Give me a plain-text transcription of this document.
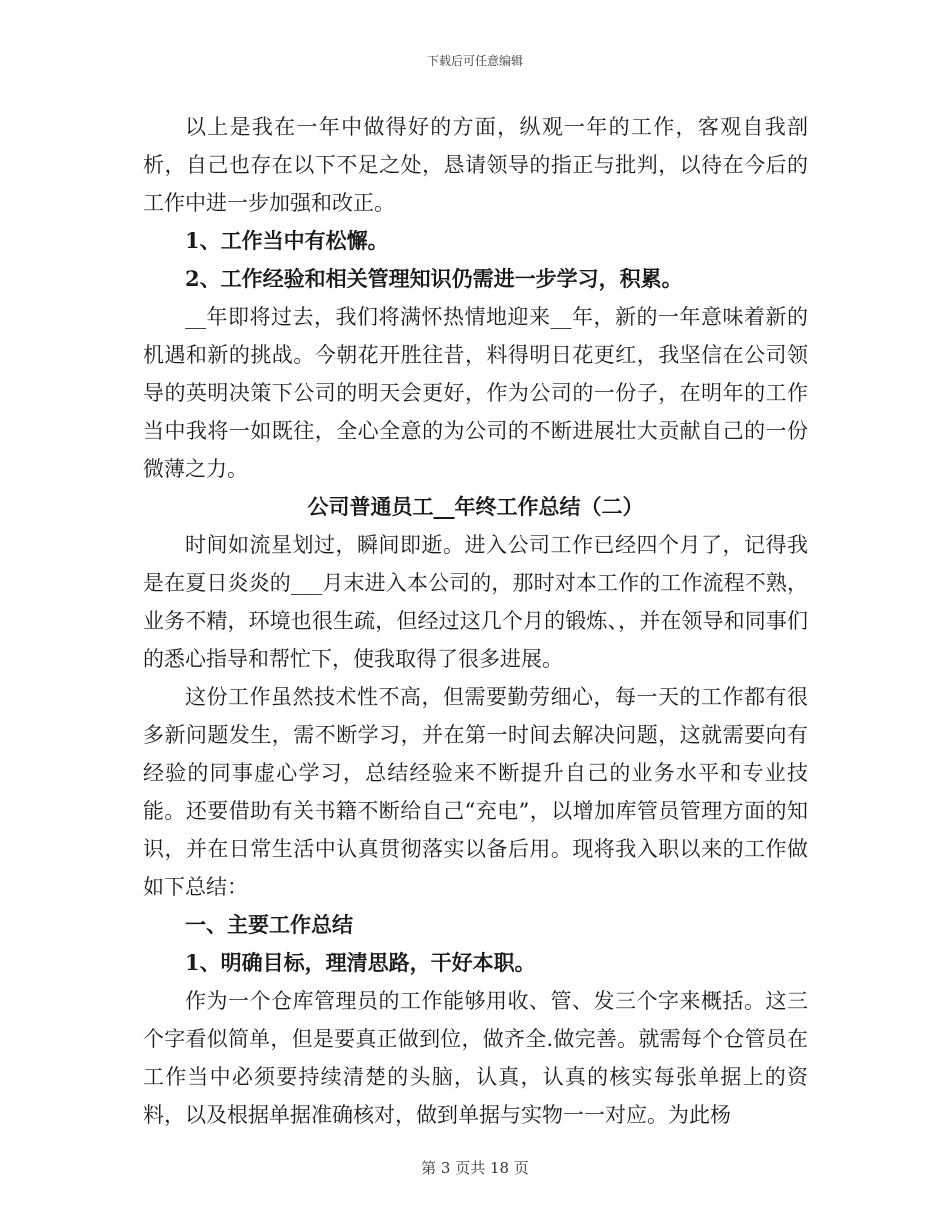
下载后可任意编辑

以上是我在一年中做得好的方面，纵观一年的工作，客观自我剖析，自己也存在以下不足之处，恳请领导的指正与批判，以待在今后的工作中进一步加强和改正。

1、工作当中有松懈。

2、工作经验和相关管理知识仍需进一步学习，积累。

__年即将过去，我们将满怀热情地迎来__年，新的一年意味着新的机遇和新的挑战。今朝花开胜往昔，料得明日花更红，我坚信在公司领导的英明决策下公司的明天会更好，作为公司的一份子，在明年的工作当中我将一如既往，全心全意的为公司的不断进展壮大贡献自己的一份微薄之力。

公司普通员工__年终工作总结（二）

时间如流星划过，瞬间即逝。进入公司工作已经四个月了，记得我是在夏日炎炎的___月末进入本公司的，那时对本工作的工作流程不熟，业务不精，环境也很生疏，但经过这几个月的锻炼、，并在领导和同事们的悉心指导和帮忙下，使我取得了很多进展。

这份工作虽然技术性不高，但需要勤劳细心，每一天的工作都有很多新问题发生，需不断学习，并在第一时间去解决问题，这就需要向有经验的同事虚心学习，总结经验来不断提升自己的业务水平和专业技能。还要借助有关书籍不断给自己“充电”，以增加库管员管理方面的知识，并在日常生活中认真贯彻落实以备后用。现将我入职以来的工作做如下总结：

一、主要工作总结

1、明确目标，理清思路，干好本职。

作为一个仓库管理员的工作能够用收、管、发三个字来概括。这三个字看似简单，但是要真正做到位，做齐全.做完善。就需每个仓管员在工作当中必须要持续清楚的头脑，认真，认真的核实每张单据上的资料，以及根据单据准确核对，做到单据与实物一一对应。为此杨

第 3 页共 18 页
